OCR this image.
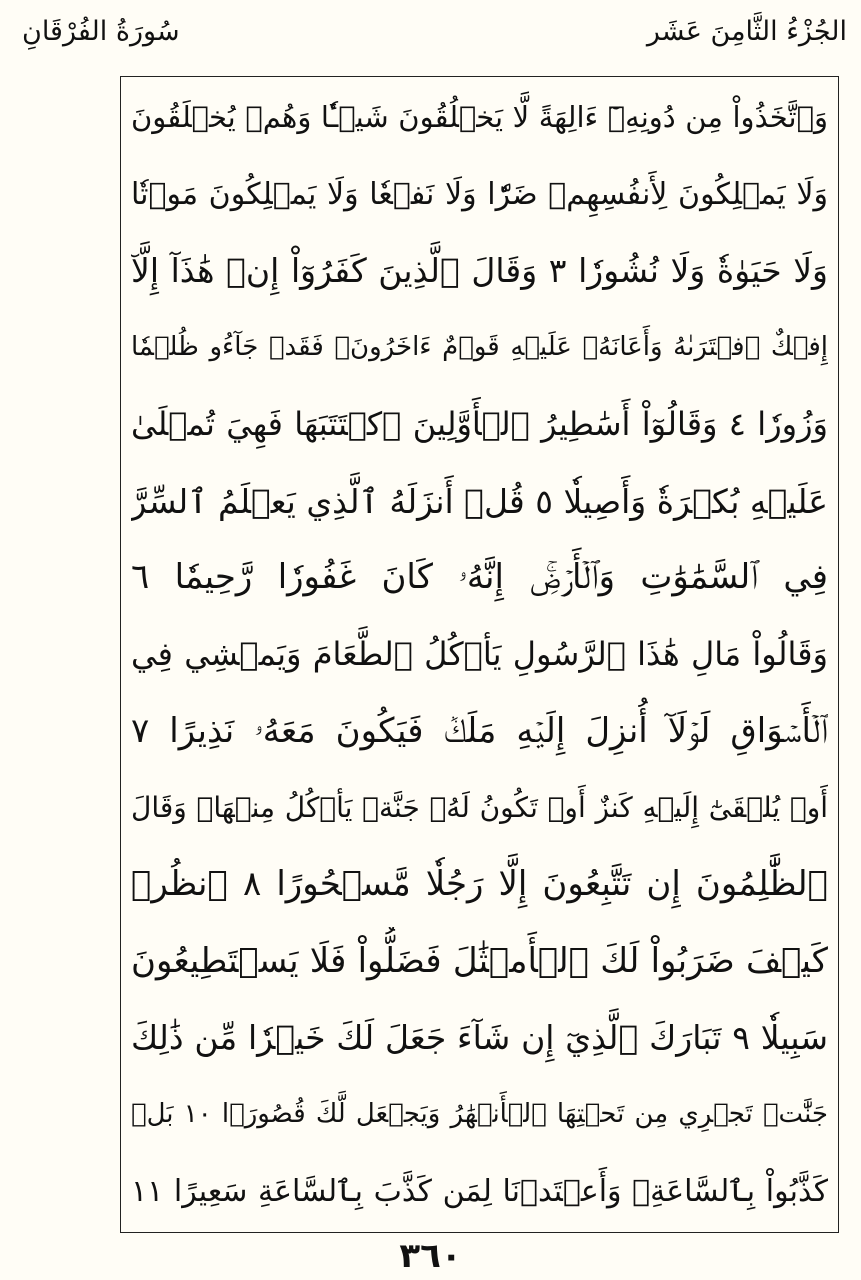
الجُزْءُ الثَّامِنَ عَشَر
سُورَةُ الفُرْقَانِ
وَٱتَّخَذُواْ مِن دُونِهِۦٓ ءَالِهَةً لَّا يَخۡلُقُونَ شَيۡـٔٗا وَهُمۡ يُخۡلَقُونَ
وَلَا يَمۡلِكُونَ لِأَنفُسِهِمۡ ضَرّٗا وَلَا نَفۡعٗا وَلَا يَمۡلِكُونَ مَوۡتٗا
وَلَا حَيَوٰةٗ وَلَا نُشُورٗا ٣ وَقَالَ ٱلَّذِينَ كَفَرُوٓاْ إِنۡ هَٰذَآ إِلَّآ
إِفۡكٌ ٱفۡتَرَىٰهُ وَأَعَانَهُۥ عَلَيۡهِ قَوۡمٌ ءَاخَرُونَۖ فَقَدۡ جَآءُو ظُلۡمٗا
وَزُورٗا ٤ وَقَالُوٓاْ أَسَٰطِيرُ ٱلۡأَوَّلِينَ ٱكۡتَتَبَهَا فَهِيَ تُمۡلَىٰ
عَلَيۡهِ بُكۡرَةٗ وَأَصِيلٗا ٥ قُلۡ أَنزَلَهُ ٱلَّذِي يَعۡلَمُ ٱلسِّرَّ
فِي ٱلسَّمَٰوَٰتِ وَٱلۡأَرۡضِۚ إِنَّهُۥ كَانَ غَفُورٗا رَّحِيمٗا ٦
وَقَالُواْ مَالِ هَٰذَا ٱلرَّسُولِ يَأۡكُلُ ٱلطَّعَامَ وَيَمۡشِي فِي
ٱلۡأَسۡوَاقِ لَوۡلَآ أُنزِلَ إِلَيۡهِ مَلَكٞ فَيَكُونَ مَعَهُۥ نَذِيرًا ٧
أَوۡ يُلۡقَىٰٓ إِلَيۡهِ كَنزٌ أَوۡ تَكُونُ لَهُۥ جَنَّةٞ يَأۡكُلُ مِنۡهَاۚ وَقَالَ
ٱلظَّٰلِمُونَ إِن تَتَّبِعُونَ إِلَّا رَجُلٗا مَّسۡحُورًا ٨ ٱنظُرۡ
كَيۡفَ ضَرَبُواْ لَكَ ٱلۡأَمۡثَٰلَ فَضَلُّواْ فَلَا يَسۡتَطِيعُونَ
سَبِيلٗا ٩ تَبَارَكَ ٱلَّذِيٓ إِن شَآءَ جَعَلَ لَكَ خَيۡرٗا مِّن ذَٰلِكَ
جَنَّٰتٖ تَجۡرِي مِن تَحۡتِهَا ٱلۡأَنۡهَٰرُ وَيَجۡعَل لَّكَ قُصُورَۢا ١٠ بَلۡ
كَذَّبُواْ بِٱلسَّاعَةِۖ وَأَعۡتَدۡنَا لِمَن كَذَّبَ بِٱلسَّاعَةِ سَعِيرًا ١١
٣٦٠
